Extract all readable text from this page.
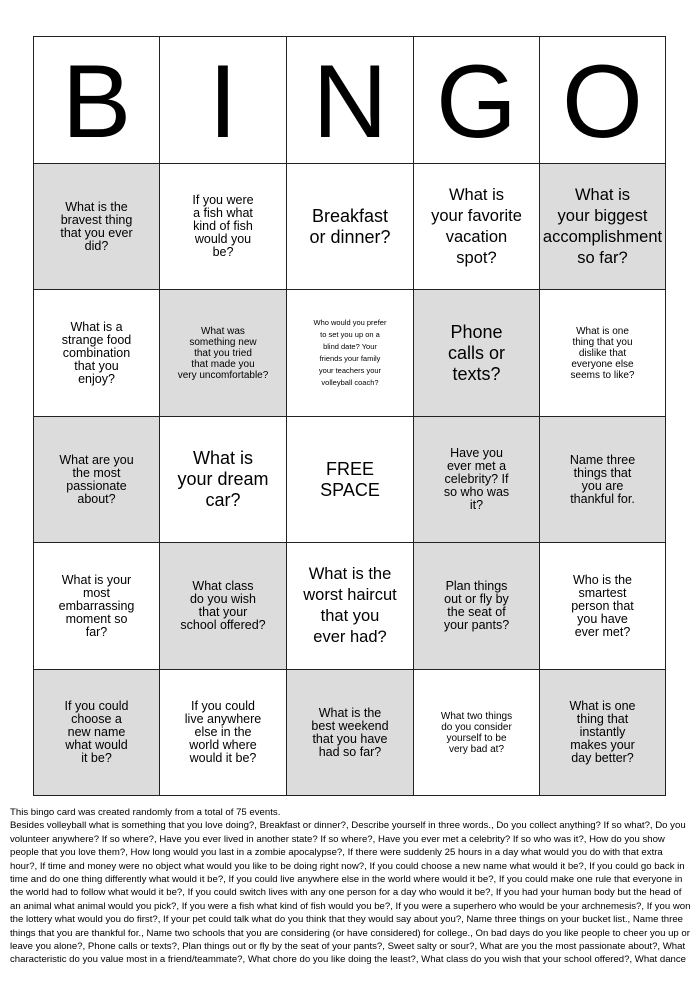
B I N G O
What is the
bravest thing
that you ever
did?
If you were
a fish what
kind of fish
would you
be?
Breakfast
or dinner?
What is
your favorite
vacation
spot?
What is
your biggest
accomplishment
so far?
What is a
strange food
combination
that you
enjoy?
What was
something new
that you tried
that made you
very uncomfortable?
Who would you prefer
to set you up on a
blind date? Your
friends your family
your teachers your
volleyball coach?
Phone
calls or
texts?
What is one
thing that you
dislike that
everyone else
seems to like?
What are you
the most
passionate
about?
What is
your dream
car?
FREE
SPACE
Have you
ever met a
celebrity? If
so who was
it?
Name three
things that
you are
thankful for.
What is your
most
embarrassing
moment so
far?
What class
do you wish
that your
school offered?
What is the
worst haircut
that you
ever had?
Plan things
out or fly by
the seat of
your pants?
Who is the
smartest
person that
you have
ever met?
If you could
choose a
new name
what would
it be?
If you could
live anywhere
else in the
world where
would it be?
What is the
best weekend
that you have
had so far?
What two things
do you consider
yourself to be
very bad at?
What is one
thing that
instantly
makes your
day better?

This bingo card was created randomly from a total of 75 events.

Besides volleyball what is something that you love doing?, Breakfast or dinner?, Describe yourself in three words., Do you collect anything? If so what?, Do you volunteer anywhere? If so where?, Have you ever lived in another state? If so where?, Have you ever met a celebrity? If so who was it?, How do you show people that you love them?, How long would you last in a zombie apocalypse?, If there were suddenly 25 hours in a day what would you do with that extra hour?, If time and money were no object what would you like to be doing right now?, If you could choose a new name what would it be?, If you could go back in time and do one thing differently what would it be?, If you could live anywhere else in the world where would it be?, If you could make one rule that everyone in the world had to follow what would it be?, If you could switch lives with any one person for a day who would it be?, If you had your human body but the head of an animal what animal would you pick?, If you were a fish what kind of fish would you be?, If you were a superhero who would be your archnemesis?, If you won the lottery what would you do first?, If your pet could talk what do you think that they would say about you?, Name three things on your bucket list., Name three things that you are thankful for., Name two schools that you are considering (or have considered) for college., On bad days do you like people to cheer you up or leave you alone?, Phone calls or texts?, Plan things out or fly by the seat of your pants?, Sweet salty or sour?, What are you the most passionate about?, What characteristic do you value most in a friend/teammate?, What chore do you like doing the least?, What class do you wish that your school offered?, What dance
